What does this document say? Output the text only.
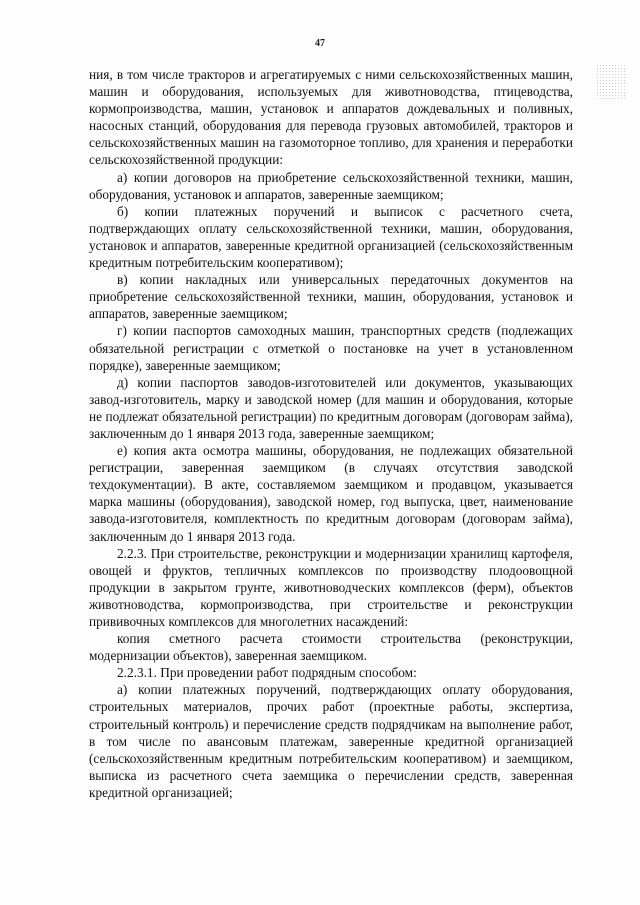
47

ния, в том числе тракторов и агрегатируемых с ними сельскохозяйственных машин, машин и оборудования, используемых для животноводства, птицеводства, кормопроизводства, машин, установок и аппаратов дождевальных и поливных, насосных станций, оборудования для перевода грузовых автомобилей, тракторов и сельскохозяйственных машин на газомоторное топливо, для хранения и переработки сельскохозяйственной продукции:

а) копии договоров на приобретение сельскохозяйственной техники, машин, оборудования, установок и аппаратов, заверенные заемщиком;

б) копии платежных поручений и выписок с расчетного счета, подтверждающих оплату сельскохозяйственной техники, машин, оборудования, установок и аппаратов, заверенные кредитной организацией (сельскохозяйственным кредитным потребительским кооперативом);

в) копии накладных или универсальных передаточных документов на приобретение сельскохозяйственной техники, машин, оборудования, установок и аппаратов, заверенные заемщиком;

г) копии паспортов самоходных машин, транспортных средств (подлежащих обязательной регистрации с отметкой о постановке на учет в установленном порядке), заверенные заемщиком;

д) копии паспортов заводов-изготовителей или документов, указывающих завод-изготовитель, марку и заводской номер (для машин и оборудования, которые не подлежат обязательной регистрации) по кредитным договорам (договорам займа), заключенным до 1 января 2013 года, заверенные заемщиком;

е) копия акта осмотра машины, оборудования, не подлежащих обязательной регистрации, заверенная заемщиком (в случаях отсутствия заводской техдокументации). В акте, составляемом заемщиком и продавцом, указывается марка машины (оборудования), заводской номер, год выпуска, цвет, наименование завода-изготовителя, комплектность по кредитным договорам (договорам займа), заключенным до 1 января 2013 года.

2.2.3. При строительстве, реконструкции и модернизации хранилищ картофеля, овощей и фруктов, тепличных комплексов по производству плодоовощной продукции в закрытом грунте, животноводческих комплексов (ферм), объектов животноводства, кормопроизводства, при строительстве и реконструкции прививочных комплексов для многолетних насаждений:

копия сметного расчета стоимости строительства (реконструкции, модернизации объектов), заверенная заемщиком.

2.2.3.1. При проведении работ подрядным способом:

а) копии платежных поручений, подтверждающих оплату оборудования, строительных материалов, прочих работ (проектные работы, экспертиза, строительный контроль) и перечисление средств подрядчикам на выполнение работ, в том числе по авансовым платежам, заверенные кредитной организацией (сельскохозяйственным кредитным потребительским кооперативом) и заемщиком, выписка из расчетного счета заемщика о перечислении средств, заверенная кредитной организацией;
